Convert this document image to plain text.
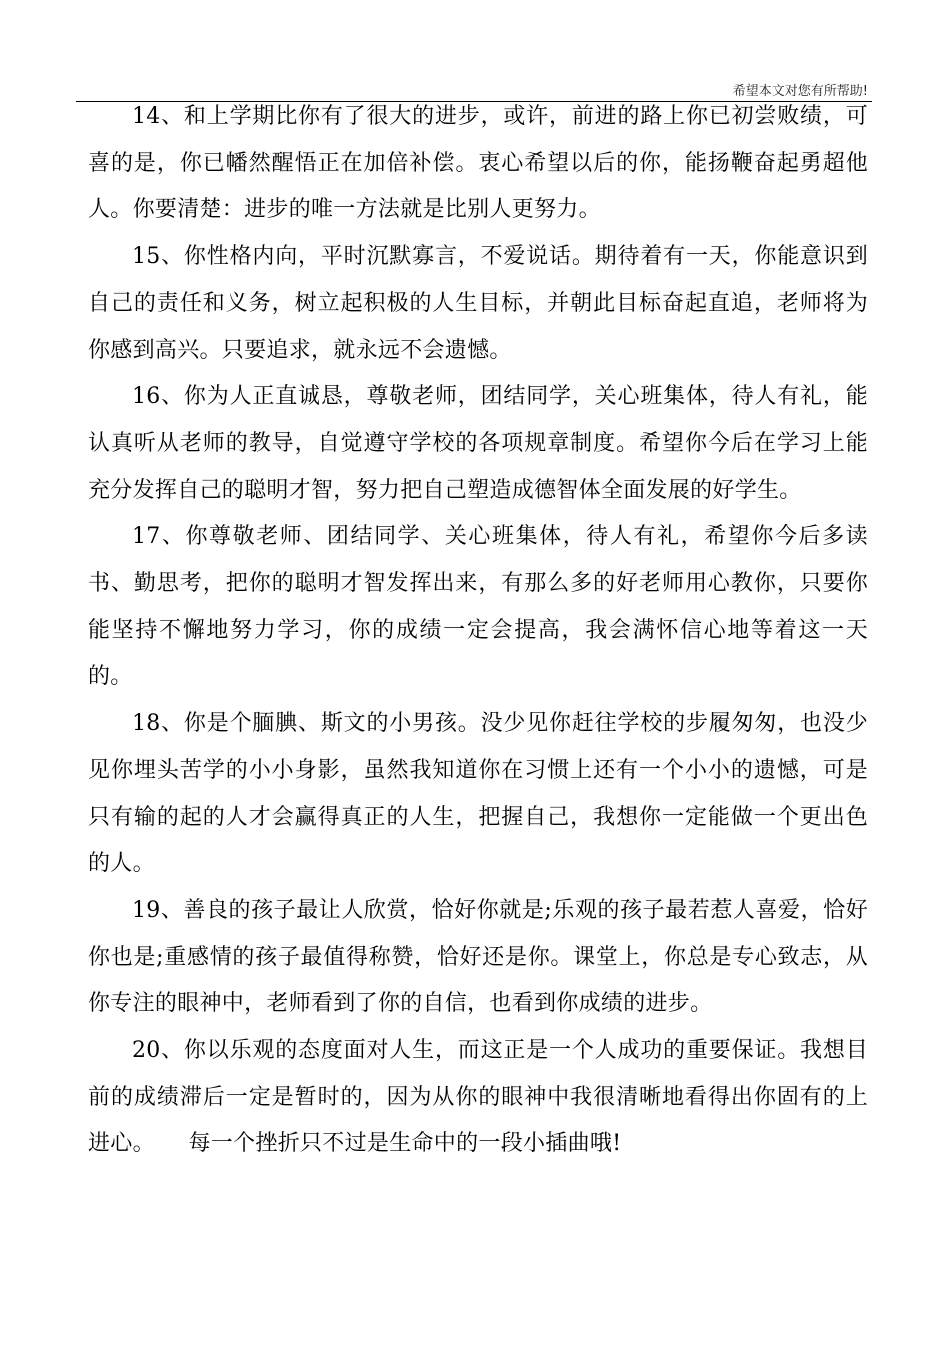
希望本文对您有所帮助!

14、和上学期比你有了很大的进步，或许，前进的路上你已初尝败绩，可喜的是，你已幡然醒悟正在加倍补偿。衷心希望以后的你，能扬鞭奋起勇超他人。你要清楚：进步的唯一方法就是比别人更努力。

15、你性格内向，平时沉默寡言，不爱说话。期待着有一天，你能意识到自己的责任和义务，树立起积极的人生目标，并朝此目标奋起直追，老师将为你感到高兴。只要追求，就永远不会遗憾。

16、你为人正直诚恳，尊敬老师，团结同学，关心班集体，待人有礼，能认真听从老师的教导，自觉遵守学校的各项规章制度。希望你今后在学习上能充分发挥自己的聪明才智，努力把自己塑造成德智体全面发展的好学生。

17、你尊敬老师、团结同学、关心班集体，待人有礼，希望你今后多读书、勤思考，把你的聪明才智发挥出来，有那么多的好老师用心教你，只要你能坚持不懈地努力学习，你的成绩一定会提高，我会满怀信心地等着这一天的。

18、你是个腼腆、斯文的小男孩。没少见你赶往学校的步履匆匆，也没少见你埋头苦学的小小身影，虽然我知道你在习惯上还有一个小小的遗憾，可是只有输的起的人才会赢得真正的人生，把握自己，我想你一定能做一个更出色的人。

19、善良的孩子最让人欣赏，恰好你就是;乐观的孩子最若惹人喜爱，恰好你也是;重感情的孩子最值得称赞，恰好还是你。课堂上，你总是专心致志，从你专注的眼神中，老师看到了你的自信，也看到你成绩的进步。

20、你以乐观的态度面对人生，而这正是一个人成功的重要保证。我想目前的成绩滞后一定是暂时的，因为从你的眼神中我很清晰地看得出你固有的上进心。　　每一个挫折只不过是生命中的一段小插曲哦!
